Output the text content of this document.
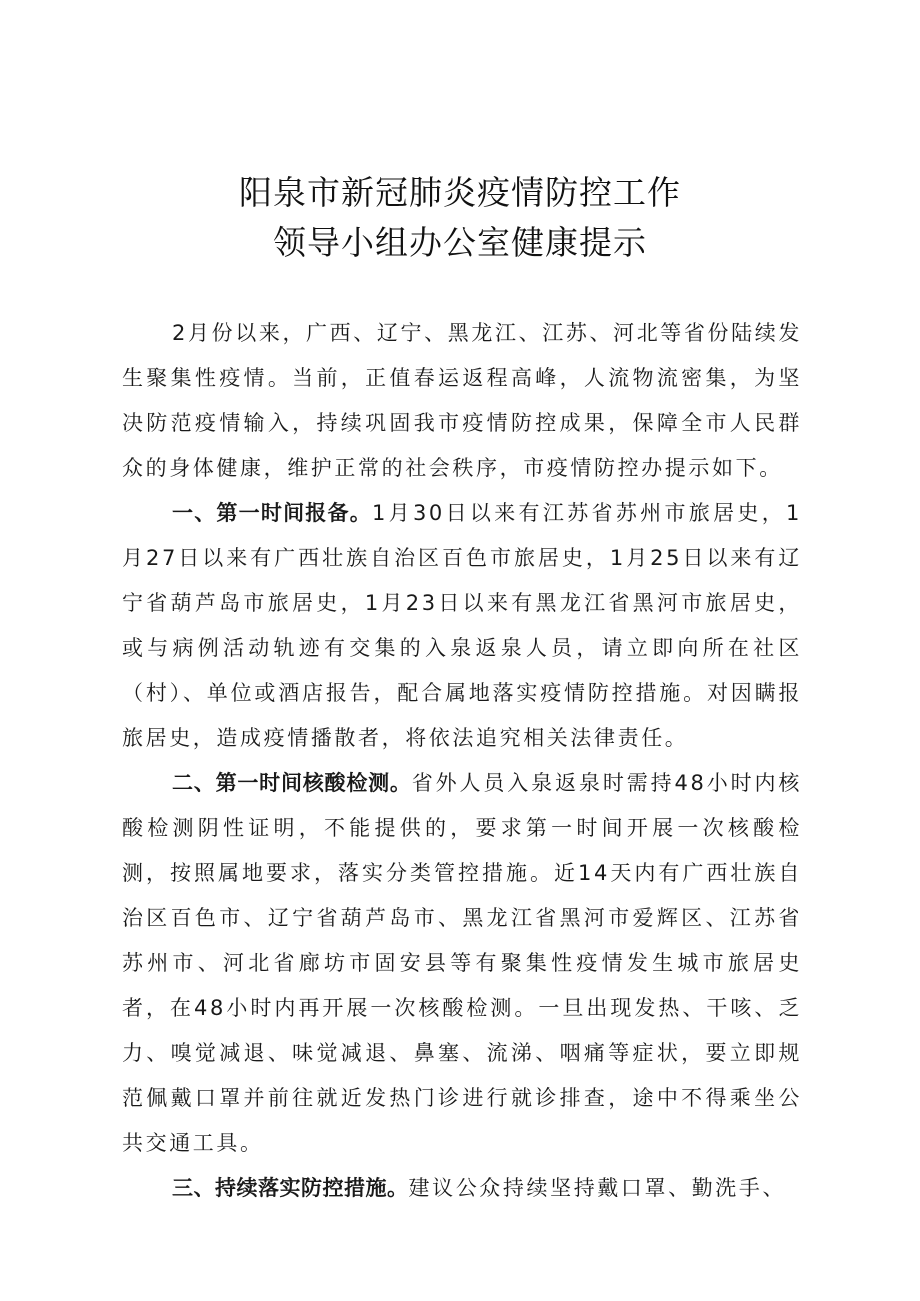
阳泉市新冠肺炎疫情防控工作
领导小组办公室健康提示

2月份以来，广西、辽宁、黑龙江、江苏、河北等省份陆续发生聚集性疫情。当前，正值春运返程高峰，人流物流密集，为坚决防范疫情输入，持续巩固我市疫情防控成果，保障全市人民群众的身体健康，维护正常的社会秩序，市疫情防控办提示如下。

一、第一时间报备。1月30日以来有江苏省苏州市旅居史，1月27日以来有广西壮族自治区百色市旅居史，1月25日以来有辽宁省葫芦岛市旅居史，1月23日以来有黑龙江省黑河市旅居史，或与病例活动轨迹有交集的入泉返泉人员，请立即向所在社区（村）、单位或酒店报告，配合属地落实疫情防控措施。对因瞒报旅居史，造成疫情播散者，将依法追究相关法律责任。

二、第一时间核酸检测。省外人员入泉返泉时需持48小时内核酸检测阴性证明，不能提供的，要求第一时间开展一次核酸检测，按照属地要求，落实分类管控措施。近14天内有广西壮族自治区百色市、辽宁省葫芦岛市、黑龙江省黑河市爱辉区、江苏省苏州市、河北省廊坊市固安县等有聚集性疫情发生城市旅居史者，在48小时内再开展一次核酸检测。一旦出现发热、干咳、乏力、嗅觉减退、味觉减退、鼻塞、流涕、咽痛等症状，要立即规范佩戴口罩并前往就近发热门诊进行就诊排查，途中不得乘坐公共交通工具。

三、持续落实防控措施。建议公众持续坚持戴口罩、勤洗手、
